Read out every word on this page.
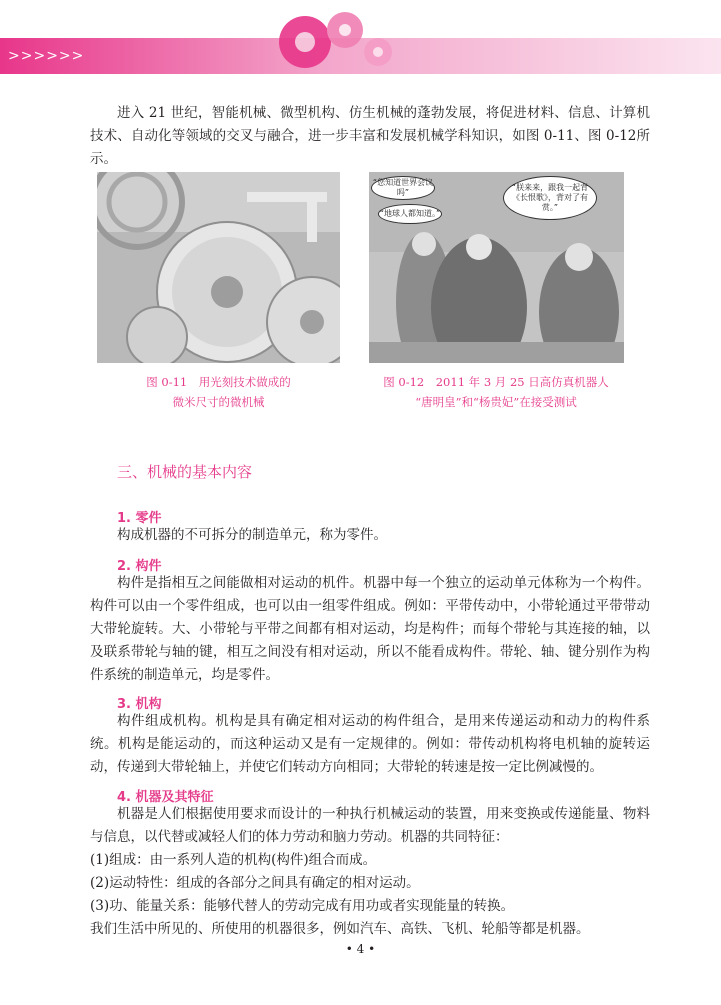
>>>>>>

进入 21 世纪，智能机械、微型机构、仿生机械的蓬勃发展，将促进材料、信息、计算机技术、自动化等领域的交叉与融合，进一步丰富和发展机械学科知识，如图 0-11、图 0-12所示。

图 0-11　用光刻技术做成的
微米尺寸的微机械
“您知道世界会议吗”
“地球人都知道。”
“朕来来，跟我一起背《长恨歌》，背对了有赏。”
图 0-12　2011 年 3 月 25 日高仿真机器人
“唐明皇”和“杨贵妃”在接受测试
三、机械的基本内容
1. 零件

构成机器的不可拆分的制造单元，称为零件。

2. 构件

构件是指相互之间能做相对运动的机件。机器中每一个独立的运动单元体称为一个构件。构件可以由一个零件组成，也可以由一组零件组成。例如：平带传动中，小带轮通过平带带动大带轮旋转。大、小带轮与平带之间都有相对运动，均是构件；而每个带轮与其连接的轴，以及联系带轮与轴的键，相互之间没有相对运动，所以不能看成构件。带轮、轴、键分别作为构件系统的制造单元，均是零件。

3. 机构

构件组成机构。机构是具有确定相对运动的构件组合，是用来传递运动和动力的构件系统。机构是能运动的，而这种运动又是有一定规律的。例如：带传动机构将电机轴的旋转运动，传递到大带轮轴上，并使它们转动方向相同；大带轮的转速是按一定比例减慢的。

4. 机器及其特征

机器是人们根据使用要求而设计的一种执行机械运动的装置，用来变换或传递能量、物料与信息，以代替或减轻人们的体力劳动和脑力劳动。机器的共同特征：

(1)组成：由一系列人造的机构(构件)组合而成。

(2)运动特性：组成的各部分之间具有确定的相对运动。

(3)功、能量关系：能够代替人的劳动完成有用功或者实现能量的转换。

我们生活中所见的、所使用的机器很多，例如汽车、高铁、飞机、轮船等都是机器。

• 4 •
